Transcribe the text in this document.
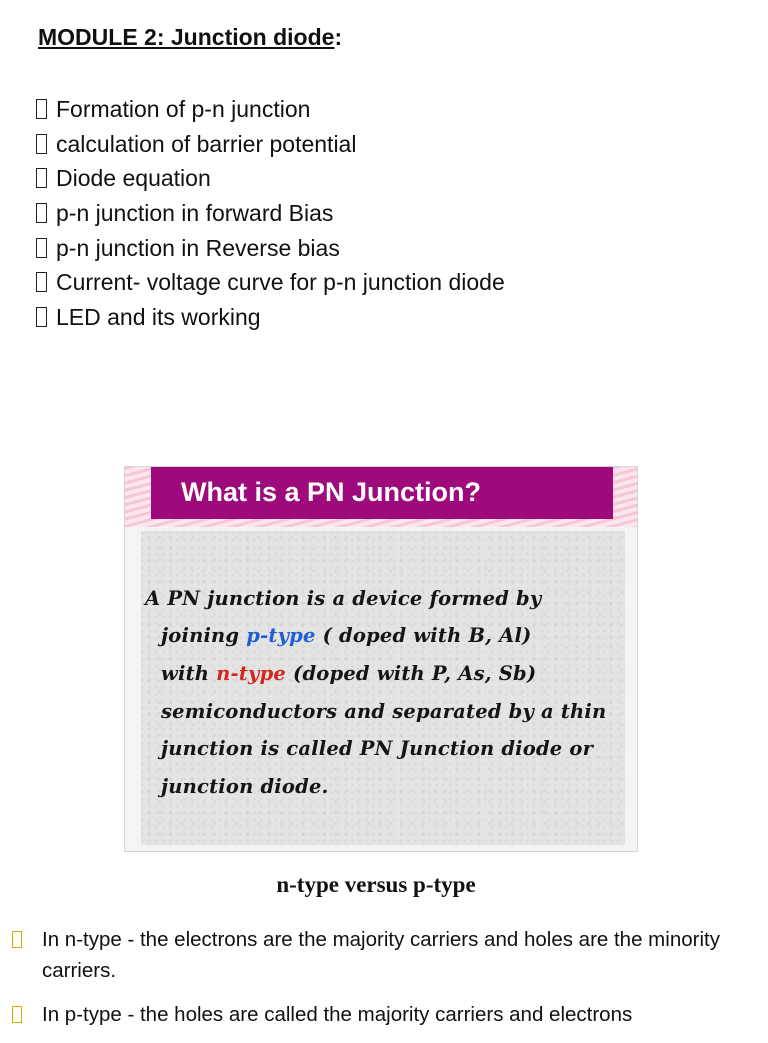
MODULE 2: Junction diode:
Formation of p-n junction
calculation of barrier potential
Diode equation
p-n junction in forward Bias
p-n junction in Reverse bias
Current- voltage curve for p-n junction diode
LED and its working
What is a PN Junction?
A PN junction is a device formed by
joining p-type ( doped with B, Al)
with n-type (doped with P, As, Sb)
semiconductors and separated by a thin
junction is called PN Junction diode or
junction diode.
n-type versus p-type
In n-type - the electrons are the majority carriers and holes are the minority carriers.
In p-type - the holes are called the majority carriers and electrons
